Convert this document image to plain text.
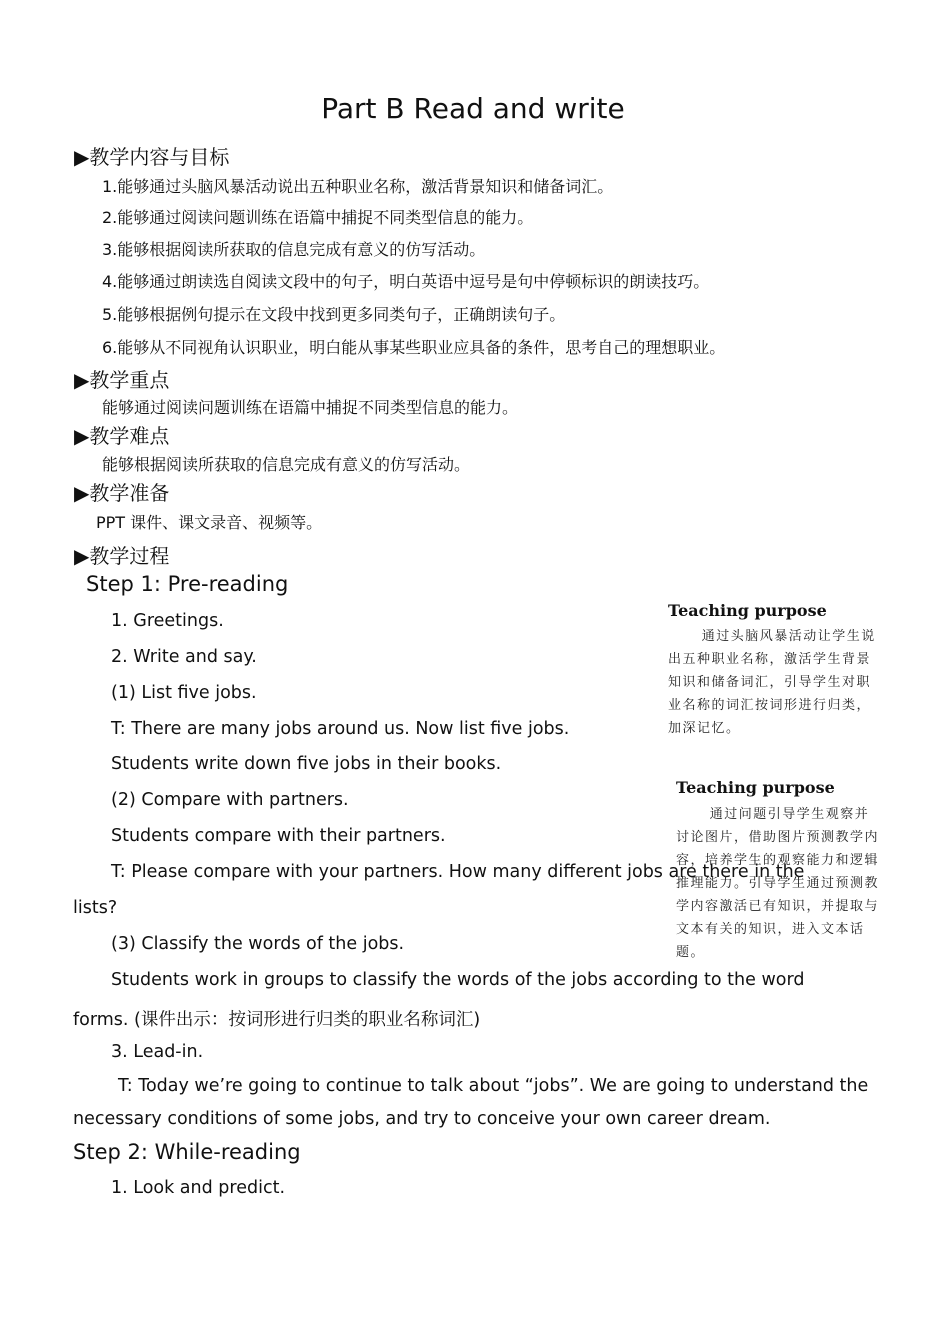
Part B Read and write
▶教学内容与目标
1.能够通过头脑风暴活动说出五种职业名称，激活背景知识和储备词汇。
2.能够通过阅读问题训练在语篇中捕捉不同类型信息的能力。
3.能够根据阅读所获取的信息完成有意义的仿写活动。
4.能够通过朗读选自阅读文段中的句子，明白英语中逗号是句中停顿标识的朗读技巧。
5.能够根据例句提示在文段中找到更多同类句子，正确朗读句子。
6.能够从不同视角认识职业，明白能从事某些职业应具备的条件，思考自己的理想职业。
▶教学重点
能够通过阅读问题训练在语篇中捕捉不同类型信息的能力。
▶教学难点
能够根据阅读所获取的信息完成有意义的仿写活动。
▶教学准备
PPT 课件、课文录音、视频等。
▶教学过程
Step 1: Pre-reading
1. Greetings.
2. Write and say.
(1) List five jobs.
T: There are many jobs around us. Now list five jobs.
Students write down five jobs in their books.
(2) Compare with partners.
Students compare with their partners.
T: Please compare with your partners. How many different jobs are there in the
lists?
(3) Classify the words of the jobs.
Students work in groups to classify the words of the jobs according to the word
forms. (课件出示：按词形进行归类的职业名称词汇)
3. Lead-in.
T: Today we’re going to continue to talk about “jobs”. We are going to understand the
necessary conditions of some jobs, and try to conceive your own career dream.
Step 2: While-reading
1. Look and predict.
Teaching purpose
通过头脑风暴活动让学生说出五种职业名称，激活学生背景知识和储备词汇，引导学生对职业名称的词汇按词形进行归类，加深记忆。
Teaching purpose
通过问题引导学生观察并讨论图片，借助图片预测教学内容，培养学生的观察能力和逻辑推理能力。引导学生通过预测教学内容激活已有知识，并提取与文本有关的知识，进入文本话题。
